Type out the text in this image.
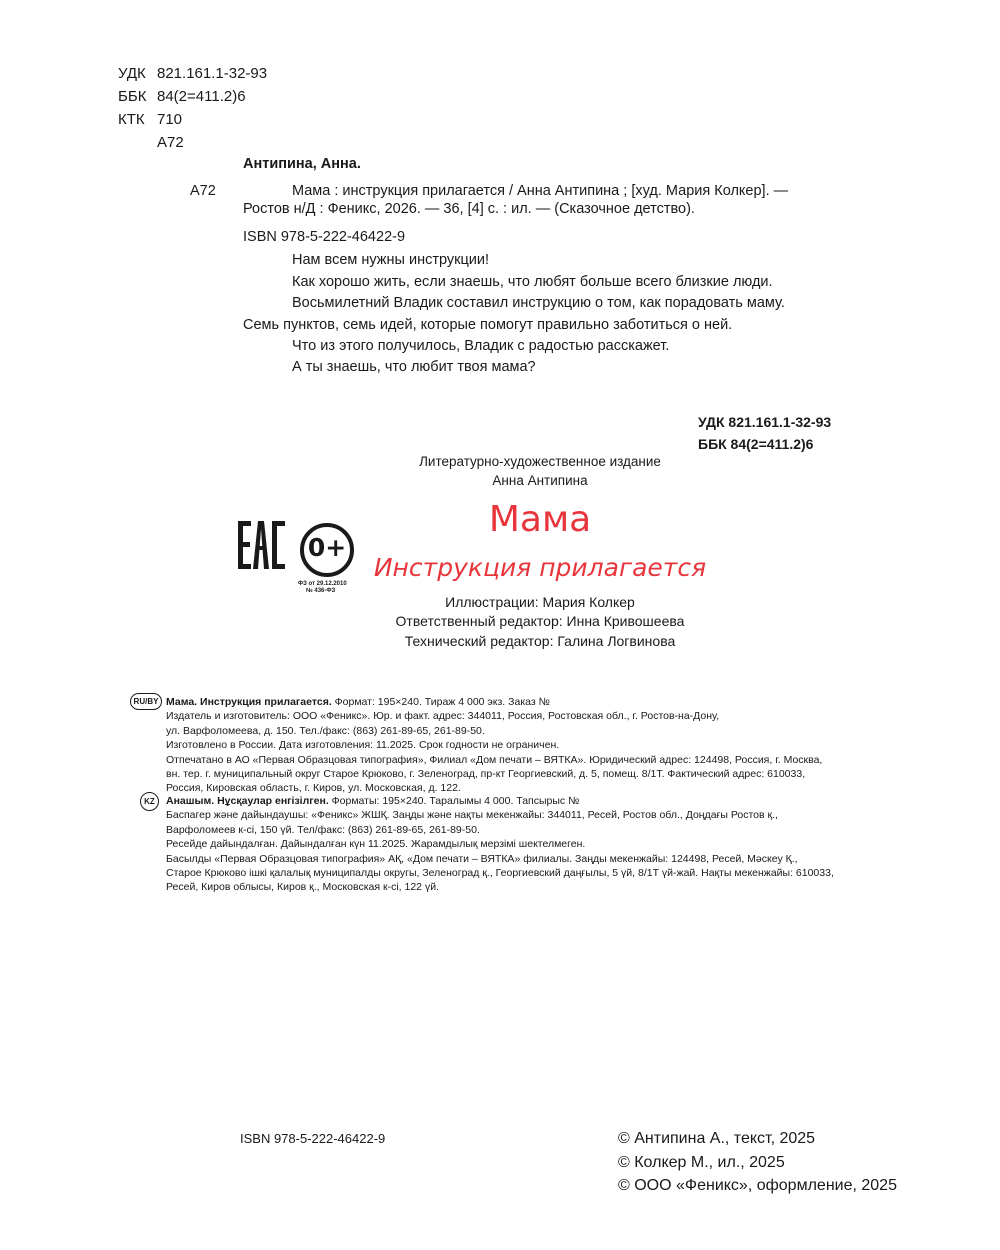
УДК 821.161.1-32-93
ББК 84(2=411.2)6
КТК 710
А72
Антипина, Анна.
А72	Мама : инструкция прилагается / Анна Антипина ; [худ. Мария Колкер]. —
Ростов н/Д : Феникс, 2026. — 36, [4] с. : ил. — (Сказочное детство).
ISBN 978-5-222-46422-9
Нам всем нужны инструкции!
Как хорошо жить, если знаешь, что любят больше всего близкие люди.
Восьмилетний Владик составил инструкцию о том, как порадовать маму.
Семь пунктов, семь идей, которые помогут правильно заботиться о ней.
Что из этого получилось, Владик с радостью расскажет.
А ты знаешь, что любит твоя мама?
УДК 821.161.1-32-93
ББК 84(2=411.2)6
Литературно-художественное издание
Анна Антипина
Мама
Инструкция прилагается
Иллюстрации: Мария Колкер
Ответственный редактор: Инна Кривошеева
Технический редактор: Галина Логвинова
0+
ФЗ от 29.12.2010
№ 436-ФЗ
RU/BY Мама. Инструкция прилагается. Формат: 195×240. Тираж 4 000 экз. Заказ №

Издатель и изготовитель: ООО «Феникс». Юр. и факт. адрес: 344011, Россия, Ростовская обл., г. Ростов-на-Дону,

ул. Варфоломеева, д. 150. Тел./факс: (863) 261-89-65, 261-89-50.

Изготовлено в России. Дата изготовления: 11.2025. Срок годности не ограничен.

Отпечатано в АО «Первая Образцовая типография», Филиал «Дом печати – ВЯТКА». Юридический адрес: 124498, Россия, г. Москва,

вн. тер. г. муниципальный округ Старое Крюково, г. Зеленоград, пр-кт Георгиевский, д. 5, помещ. 8/1Т. Фактический адрес: 610033,

Россия, Кировская область, г. Киров, ул. Московская, д. 122.

KZ	Анашым. Нұсқаулар енгізілген. Форматы: 195×240. Таралымы 4 000. Тапсырыс №

Баспагер және дайындаушы: «Феникс» ЖШҚ. Заңды және нақты мекенжайы: 344011, Ресей, Ростов обл., Доңдағы Ростов қ.,

Варфоломеев к-сі, 150 үй. Тел/факс: (863) 261-89-65, 261-89-50.

Ресейде дайындалған. Дайындалған күн 11.2025. Жарамдылық мерзімі шектелмеген.

Басылды «Первая Образцовая типография» АҚ, «Дом печати – ВЯТКА» филиалы. Заңды мекенжайы: 124498, Ресей, Мәскеу Қ.,

Старое Крюково ішкі қалалық муниципалды округы, Зеленоград қ., Георгиевский даңғылы, 5 үй, 8/1Т үй-жай. Нақты мекенжайы: 610033,

Ресей, Киров облысы, Киров қ., Московская к-сі, 122 үй.

ISBN 978-5-222-46422-9	© Антипина А., текст, 2025
© Колкер М., ил., 2025
© ООО «Феникс», оформление, 2025
